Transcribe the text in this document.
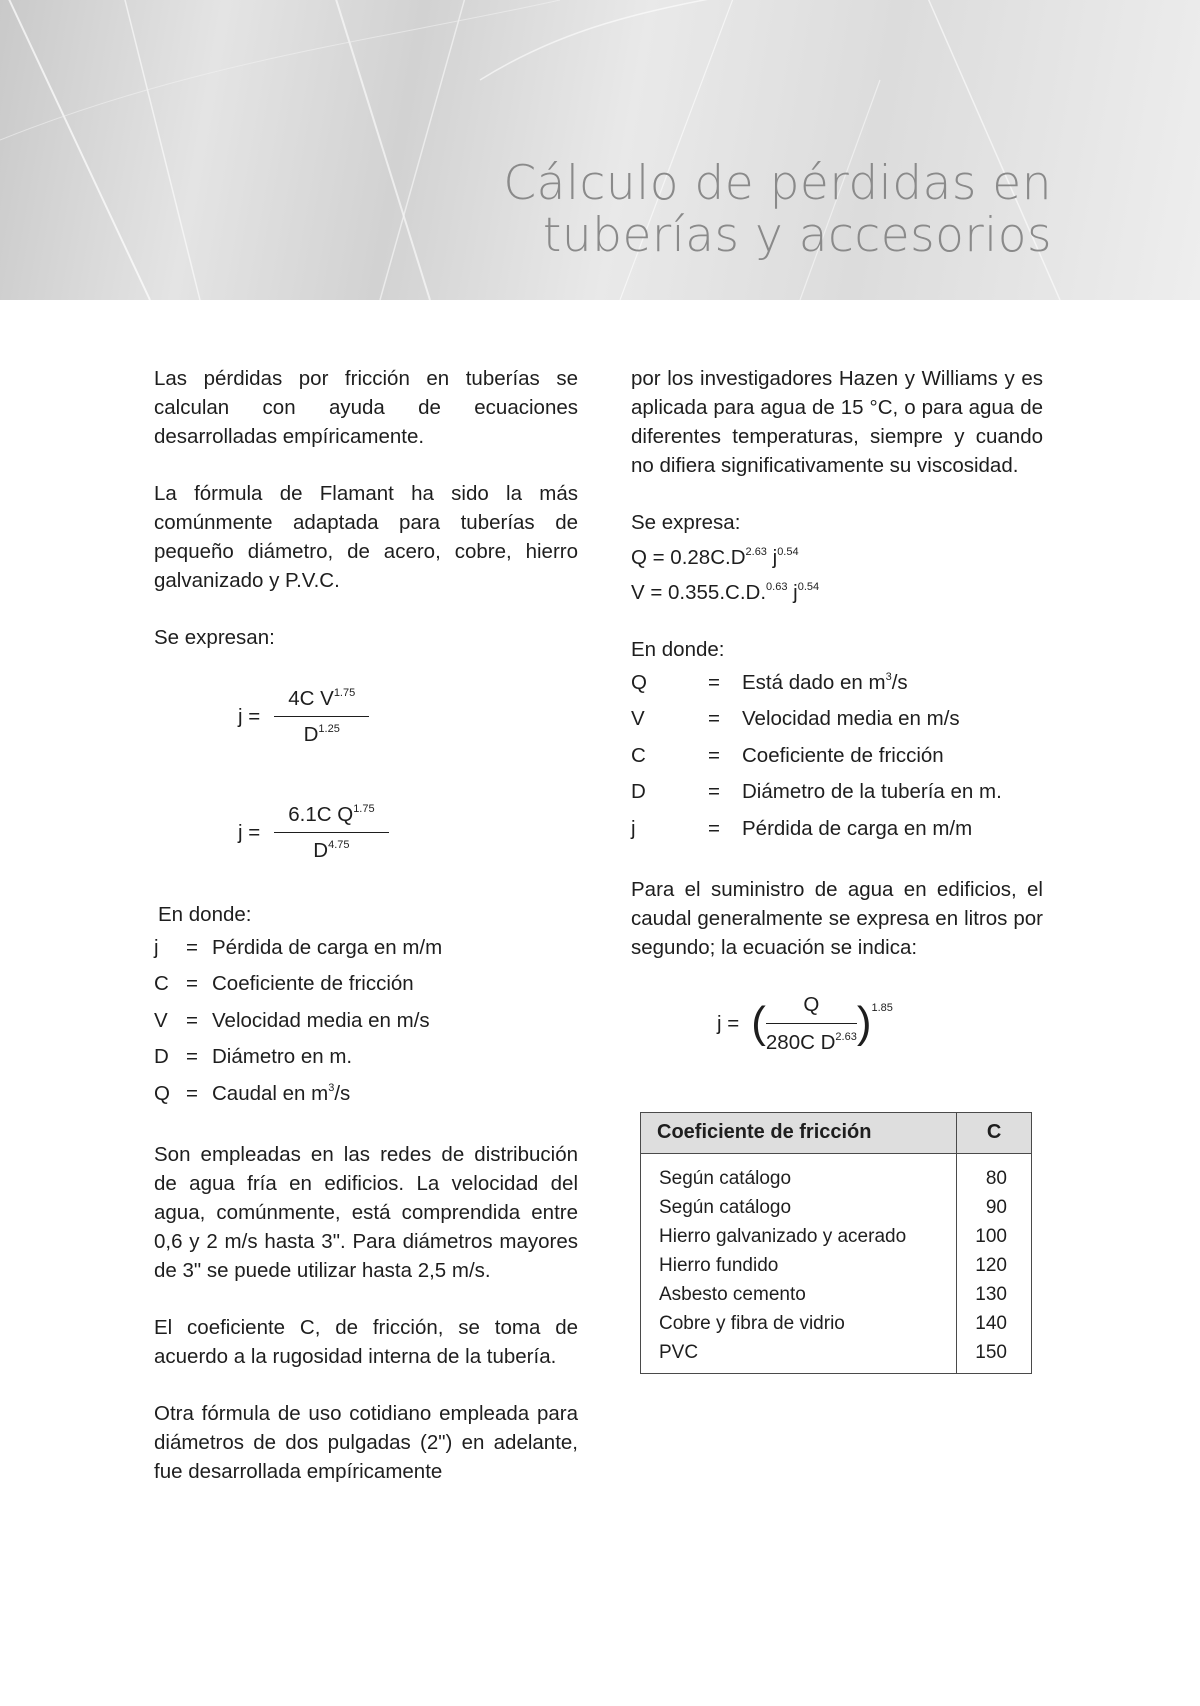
Cálculo de pérdidas en
tuberías y accesorios

Las pérdidas por fricción en tuberías se calculan con ayuda de ecuaciones desarrolladas empíricamente.

La fórmula de Flamant ha sido la más comúnmente adaptada para tuberías de pequeño diámetro, de acero, cobre, hierro galvanizado y P.V.C.

Se expresan:

$j = \frac{4C V^{1.75}}{D^{1.25}}$
$j = \frac{6.1C Q^{1.75}}{D^{4.75}}$

En donde:

j	= Pérdida de carga en m/m
C = Coeficiente de fricción
V = Velocidad media en m/s
D = Diámetro en m.
Q = Caudal en $m^3/s$

Son empleadas en las redes de distribución de agua fría en edificios. La velocidad del agua, comúnmente, está comprendida entre 0,6 y 2 m/s hasta 3". Para diámetros mayores de 3" se puede utilizar hasta 2,5 m/s.

El coeficiente C, de fricción, se toma de acuerdo a la rugosidad interna de la tubería.

Otra fórmula de uso cotidiano empleada para diámetros de dos pulgadas (2") en adelante, fue desarrollada empíricamente

por los investigadores Hazen y Williams y es aplicada para agua de 15 °C, o para agua de diferentes temperaturas, siempre y cuando no difiera significativamente su viscosidad.

Se expresa:

$Q = 0.28C.D^{2.63}$ $j^{0.54}$

V = 0.355.C.D.$^{0.63}$ $j^{0.54}$

En donde:

Q	=	Está dado en $m^3/s$
V	=	Velocidad media en m/s
C	=	Coeficiente de fricción
D	=	Diámetro de la tubería en m.
j	=	Pérdida de carga en m/m

Para el suministro de agua en edificios, el caudal generalmente se expresa en litros por segundo; la ecuación se indica:

j = ( $\frac{Q}{280C D^{2.63}}$ ) 1.85
Coeficiente de fricción	C
Según catálogo	80
Según catálogo	90
Hierro galvanizado y acerado	100
Hierro fundido	120
Asbesto cemento	130
Cobre y fibra de vidrio	140
PVC	150
